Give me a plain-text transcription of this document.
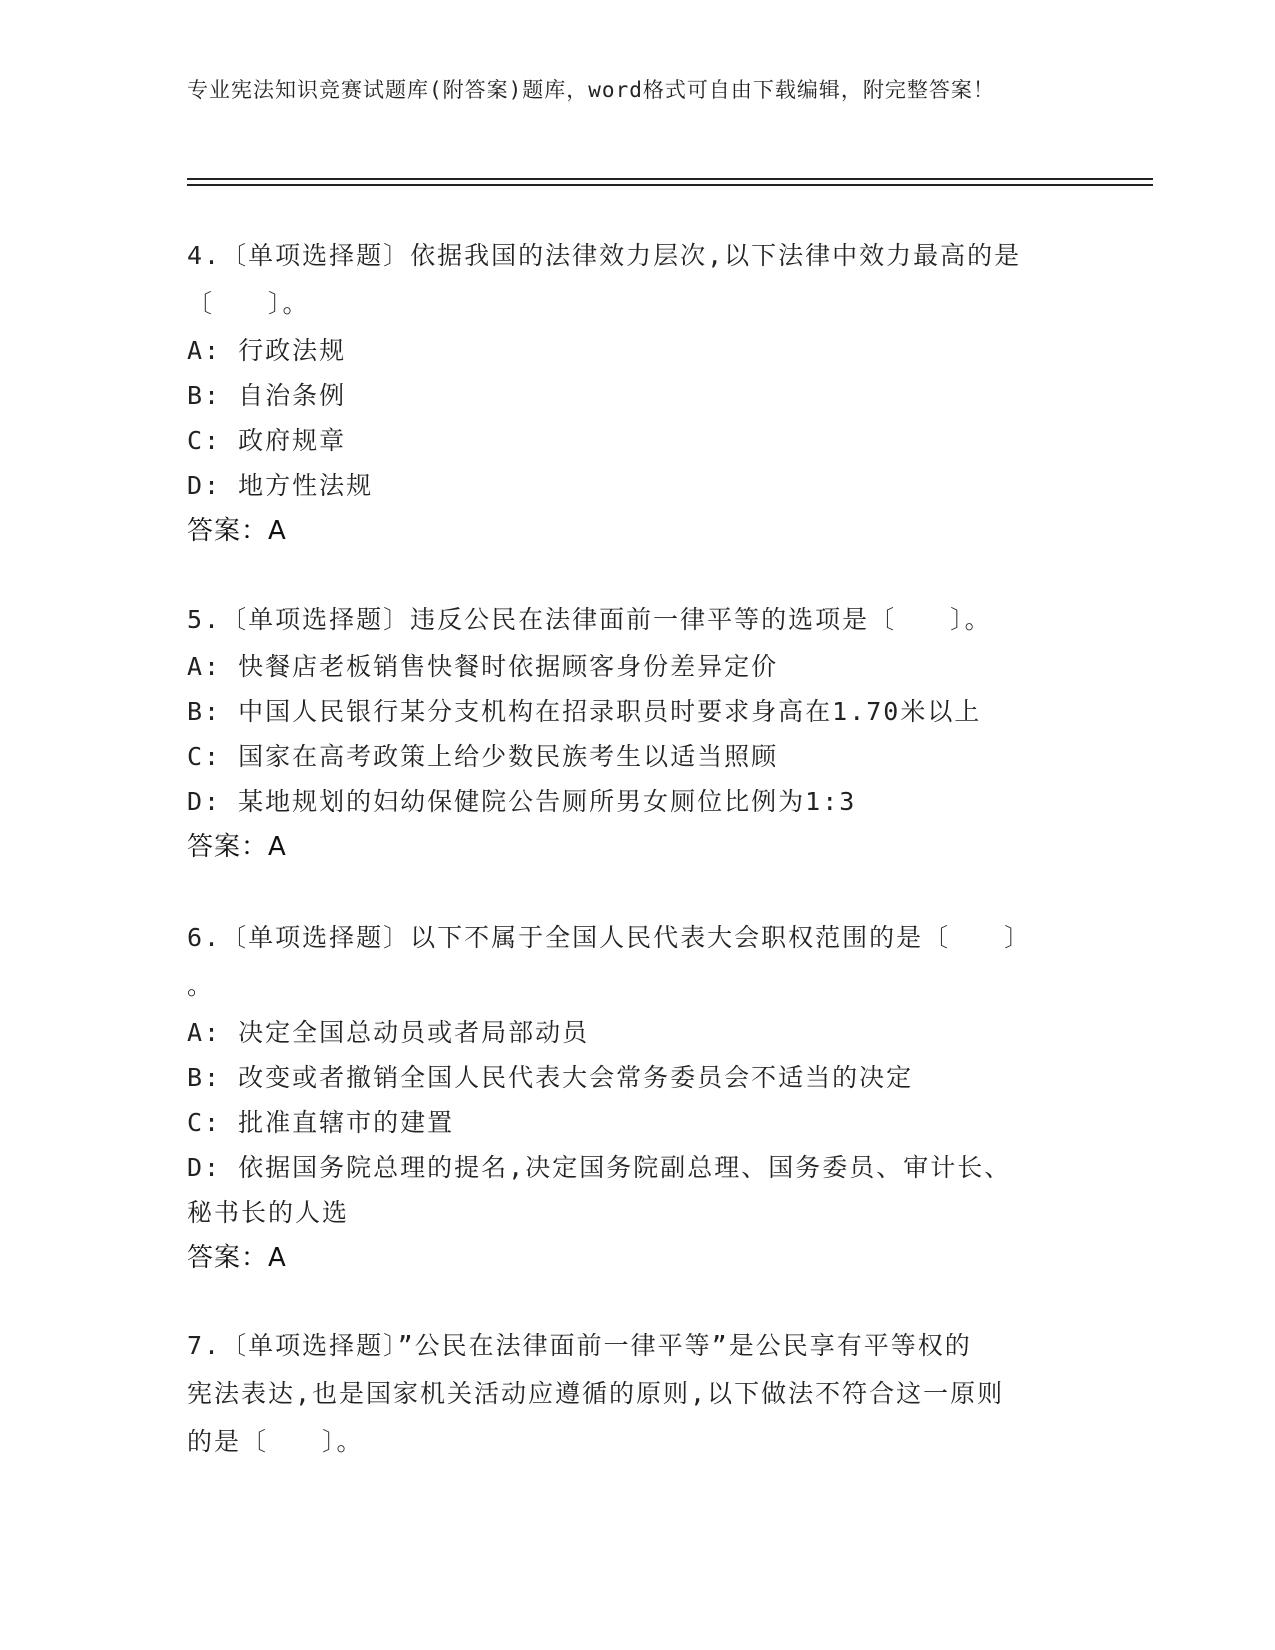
专业宪法知识竞赛试题库(附答案)题库，word格式可自由下载编辑，附完整答案！
4.〔单项选择题〕依据我国的法律效力层次,以下法律中效力最高的是
〔　　〕。
A: 行政法规
B: 自治条例
C: 政府规章
D: 地方性法规
答案：A
5.〔单项选择题〕违反公民在法律面前一律平等的选项是〔　　〕。
A: 快餐店老板销售快餐时依据顾客身份差异定价
B: 中国人民银行某分支机构在招录职员时要求身高在1.70米以上
C: 国家在高考政策上给少数民族考生以适当照顾
D: 某地规划的妇幼保健院公告厕所男女厕位比例为1:3
答案：A
6.〔单项选择题〕以下不属于全国人民代表大会职权范围的是〔　　〕
。
A: 决定全国总动员或者局部动员
B: 改变或者撤销全国人民代表大会常务委员会不适当的决定
C: 批准直辖市的建置
D: 依据国务院总理的提名,决定国务院副总理、国务委员、审计长、
秘书长的人选
答案：A
7.〔单项选择题〕”公民在法律面前一律平等”是公民享有平等权的
宪法表达,也是国家机关活动应遵循的原则,以下做法不符合这一原则
的是〔　　〕。
